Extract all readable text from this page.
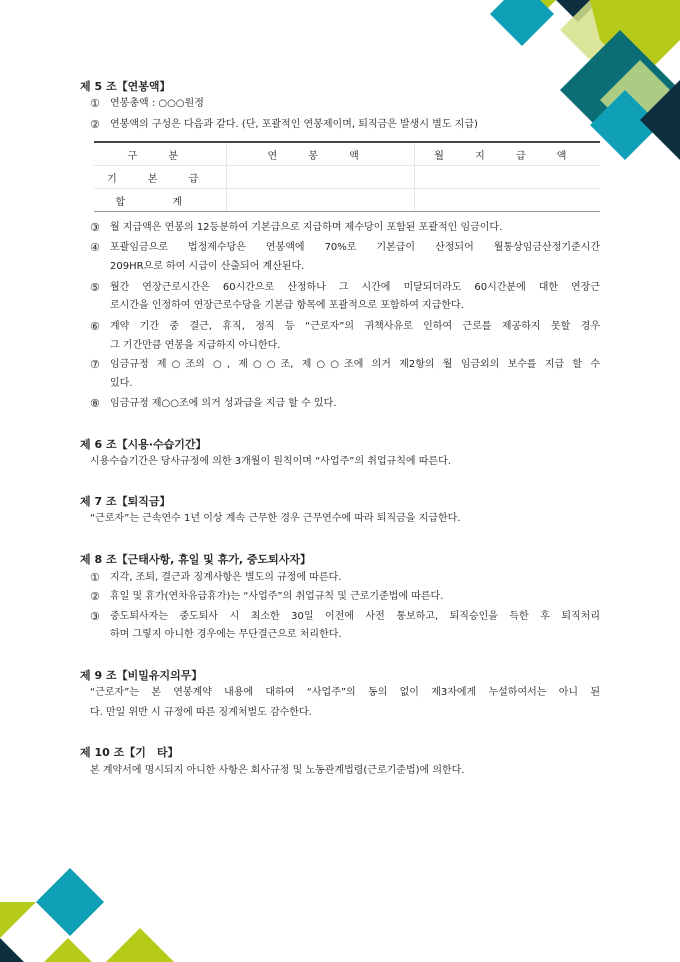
제 5 조【연봉액】
① 연봉총액 : ○○○원정
② 연봉액의 구성은 다음과 같다. (단, 포괄적인 연봉제이며, 퇴직금은 발생시 별도 지급)
구 분	연 봉 액	월 지 급 액
기 본 급		
합 계		
③ 월 지급액은 연봉의 12등분하여 기본급으로 지급하며 제수당이 포함된 포괄적인 임금이다.
④ 포괄임금으로 법정제수당은 연봉액에 70%로 기본급이 산정되어 월통상임금산정기준시간
209HR으로 하여 시급이 산출되어 계산된다.
⑤ 월간 연장근로시간은 60시간으로 산정하나 그 시간에 미달되더라도 60시간분에 대한 연장근
로시간을 인정하여 연장근로수당을 기본급 항목에 포괄적으로 포함하여 지급한다.
⑥ 계약 기간 중 결근, 휴직, 정직 등 “근로자”의 귀책사유로 인하여 근로를 제공하지 못할 경우
그 기간만큼 연봉을 지급하지 아니한다.
⑦ 임금규정 제○조의 ○, 제○○조, 제○○조에 의거 제2항의 월 임금외의 보수를 지급 할 수
있다.
⑧ 임금규정 제○○조에 의거 성과급을 지급 할 수 있다.
제 6 조【시용·수습기간】
시용수습기간은 당사규정에 의한 3개월이 원칙이며 “사업주”의 취업규칙에 따른다.
제 7 조【퇴직금】
“근로자”는 근속연수 1년 이상 계속 근무한 경우 근무연수에 따라 퇴직금을 지급한다.
제 8 조【근태사항, 휴일 및 휴가, 중도퇴사자】
① 지각, 조퇴, 결근과 징계사항은 별도의 규정에 따른다.
② 휴일 및 휴가(연차유급휴가)는 “사업주”의 취업규칙 및 근로기준법에 따른다.
③ 중도퇴사자는 중도퇴사 시 최소한 30일 이전에 사전 통보하고, 퇴직승인을 득한 후 퇴직처리
하며 그렇지 아니한 경우에는 무단결근으로 처리한다.
제 9 조【비밀유지의무】
“근로자”는 본 연봉계약 내용에 대하여 “사업주”의 동의 없이 제3자에게 누설하여서는 아니 된
다. 만일 위반 시 규정에 따른 징계처벌도 감수한다.
제 10 조【기　타】
본 계약서에 명시되지 아니한 사항은 회사규정 및 노동관계법령(근로기준법)에 의한다.
